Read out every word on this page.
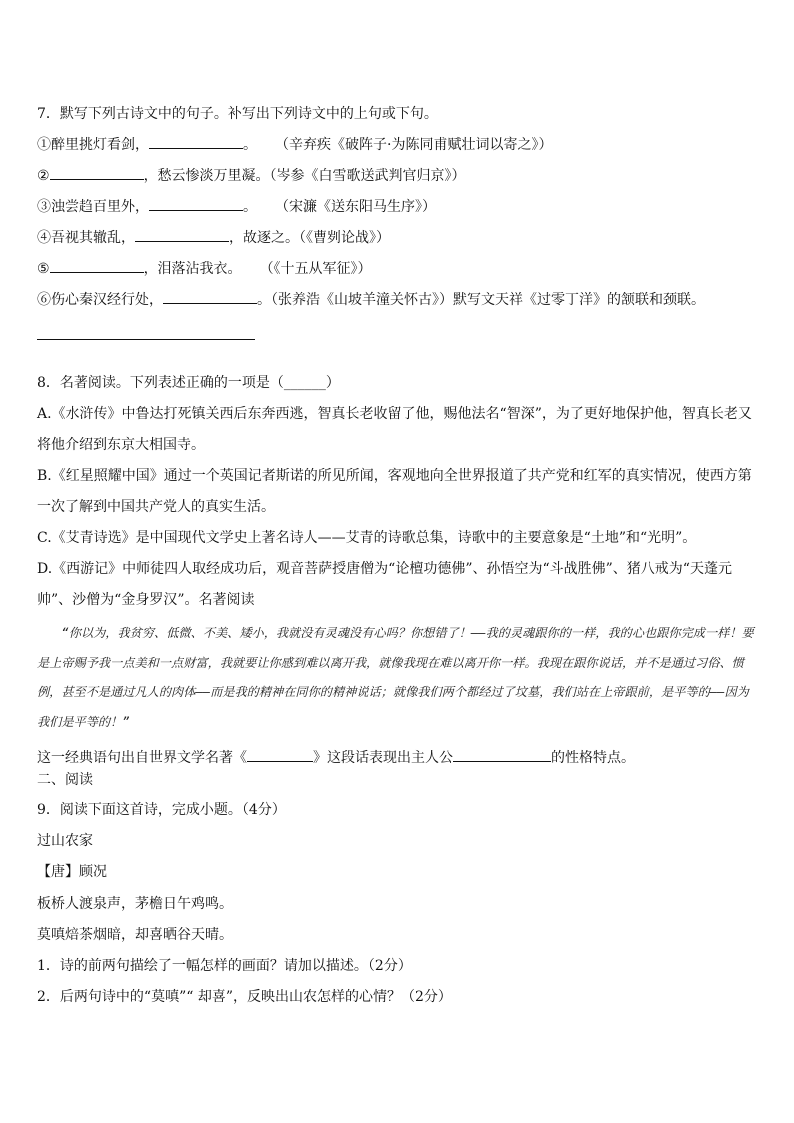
7．默写下列古诗文中的句子。补写出下列诗文中的上句或下句。
①醉里挑灯看剑，	。 （辛弃疾《破阵子·为陈同甫赋壮词以寄之》）
②	，愁云惨淡万里凝。（岑参《白雪歌送武判官归京》）
③浊尝趋百里外，	。 （宋濂《送东阳马生序》）
④吾视其辙乱，	，故逐之。（《曹刿论战》）
⑤	，泪落沾我衣。 （《十五从军征》）
⑥伤心秦汉经行处，	。（张养浩《山坡羊潼关怀古》）默写文天祥《过零丁洋》的颔联和颈联。
8．名著阅读。下列表述正确的一项是（______）
A.《水浒传》中鲁达打死镇关西后东奔西逃，智真长老收留了他，赐他法名“智深”，为了更好地保护他，智真长老又将他介绍到东京大相国寺。
B.《红星照耀中国》通过一个英国记者斯诺的所见所闻，客观地向全世界报道了共产党和红军的真实情况，使西方第一次了解到中国共产党人的真实生活。
C.《艾青诗选》是中国现代文学史上著名诗人——艾青的诗歌总集，诗歌中的主要意象是“土地”和“光明”。
D.《西游记》中师徒四人取经成功后，观音菩萨授唐僧为“论檀功德佛”、孙悟空为“斗战胜佛”、猪八戒为“天蓬元帅”、沙僧为“金身罗汉”。名著阅读
“你以为，我贫穷、低微、不美、矮小，我就没有灵魂没有心吗？你想错了！——我的灵魂跟你的一样，我的心也跟你完成一样！要是上帝赐予我一点美和一点财富，我就要让你感到难以离开我，就像我现在难以离开你一样。我现在跟你说话，并不是通过习俗、惯例，甚至不是通过凡人的肉体——而是我的精神在同你的精神说话；就像我们两个都经过了坟墓，我们站在上帝跟前，是平等的——因为我们是平等的！”
这一经典语句出自世界文学名著《	》这段话表现出主人公	的性格特点。
二、阅读
9．阅读下面这首诗，完成小题。（4分）
过山农家
【唐】顾况
板桥人渡泉声，茅檐日午鸡鸣。
莫嗔焙茶烟暗，却喜晒谷天晴。
1．诗的前两句描绘了一幅怎样的画面？请加以描述。（2分）
2．后两句诗中的“莫嗔”“ 却喜”，反映出山农怎样的心情？（2分）
